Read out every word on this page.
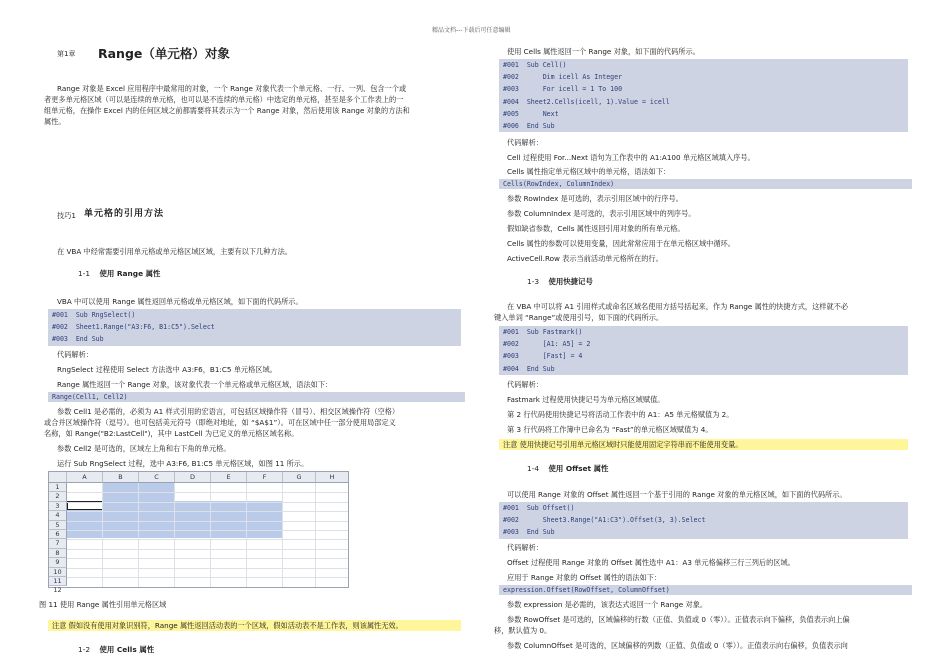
精品文档---下载后可任意编辑
第1章 Range（单元格）对象
Range 对象是 Excel 应用程序中最常用的对象，一个 Range 对象代表一个单元格、一行、一列、包含一个或
者更多单元格区域（可以是连续的单元格，也可以是不连续的单元格）中选定的单元格，甚至是多个工作表上的一
组单元格，在操作 Excel 内的任何区域之前都需要将其表示为一个 Range 对象，然后使用该 Range 对象的方法和
属性。
技巧1 单元格的引用方法
在 VBA 中经常需要引用单元格或单元格区域区域，主要有以下几种方法。
1-1 使用 Range 属性
VBA 中可以使用 Range 属性返回单元格或单元格区域，如下面的代码所示。
#001  Sub RngSelect()
#002  Sheet1.Range("A3:F6, B1:C5").Select
#003  End Sub
代码解析：
RngSelect 过程使用 Select 方法选中 A3:F6，B1:C5 单元格区域。
Range 属性返回一个 Range 对象，该对象代表一个单元格或单元格区域，语法如下：
Range(Cell1, Cell2)
参数 Cell1 是必需的，必须为 A1 样式引用的宏语言，可包括区域操作符（冒号）、相交区域操作符（空格）
或合并区域操作符（逗号）。也可包括美元符号（即绝对地址，如 “$A$1”）。可在区域中任一部分使用局部定义
名称，如 Range("B2:LastCell")，其中 LastCell 为已定义的单元格区域名称。
参数 Cell2 是可选的，区域左上角和右下角的单元格。
运行 Sub RngSelect 过程，选中 A3:F6, B1:C5 单元格区域，如图 11 所示。
A	B	C	D	E	F	G	H
1
2
3
4
5
6
7
8
9
10
11
12
图 11 使用 Range 属性引用单元格区域
注意 假如没有使用对象识别符，Range 属性返回活动表的一个区域，假如活动表不是工作表，则该属性无效。
1-2 使用 Cells 属性
使用 Cells 属性返回一个 Range 对象，如下面的代码所示。
#001  Sub Cell()
#002      Dim icell As Integer
#003      For icell = 1 To 100
#004  Sheet2.Cells(icell, 1).Value = icell
#005      Next
#006  End Sub
代码解析：
Cell 过程使用 For...Next 语句为工作表中的 A1:A100 单元格区域填入序号。
Cells 属性指定单元格区域中的单元格，语法如下：
Cells(RowIndex, ColumnIndex)
参数 RowIndex 是可选的，表示引用区域中的行序号。
参数 ColumnIndex 是可选的，表示引用区域中的列序号。
假如缺省参数，Cells 属性返回引用对象的所有单元格。
Cells 属性的参数可以使用变量，因此常常应用于在单元格区域中循环。
ActiveCell.Row 表示当前活动单元格所在的行。
1-3 使用快捷记号
在 VBA 中可以将 A1 引用样式或命名区域名使用方括号括起来，作为 Range 属性的快捷方式，这样就不必
键入单词 “Range”或使用引号，如下面的代码所示。
#001  Sub Fastmark()
#002      [A1: A5] = 2
#003      [Fast] = 4
#004  End Sub
代码解析：
Fastmark 过程使用快捷记号为单元格区域赋值。
第 2 行代码使用快捷记号将活动工作表中的 A1：A5 单元格赋值为 2。
第 3 行代码将工作簿中已命名为 “Fast”的单元格区域赋值为 4。
注意 使用快捷记号引用单元格区域时只能使用固定字符串而不能使用变量。
1-4 使用 Offset 属性
可以使用 Range 对象的 Offset 属性返回一个基于引用的 Range 对象的单元格区域，如下面的代码所示。
#001  Sub Offset()
#002      Sheet3.Range("A1:C3").Offset(3, 3).Select
#003  End Sub
代码解析：
Offset 过程使用 Range 对象的 Offset 属性选中 A1：A3 单元格偏移三行三列后的区域。
应用于 Range 对象的 Offset 属性的语法如下：
expression.Offset(RowOffset, ColumnOffset)
参数 expression 是必需的，该表达式返回一个 Range 对象。
参数 RowOffset 是可选的，区域偏移的行数（正值、负值或 0（零））。正值表示向下偏移，负值表示向上偏
移，默认值为 0。
参数 ColumnOffset 是可选的，区域偏移的列数（正值、负值或 0（零））。正值表示向右偏移，负值表示向
